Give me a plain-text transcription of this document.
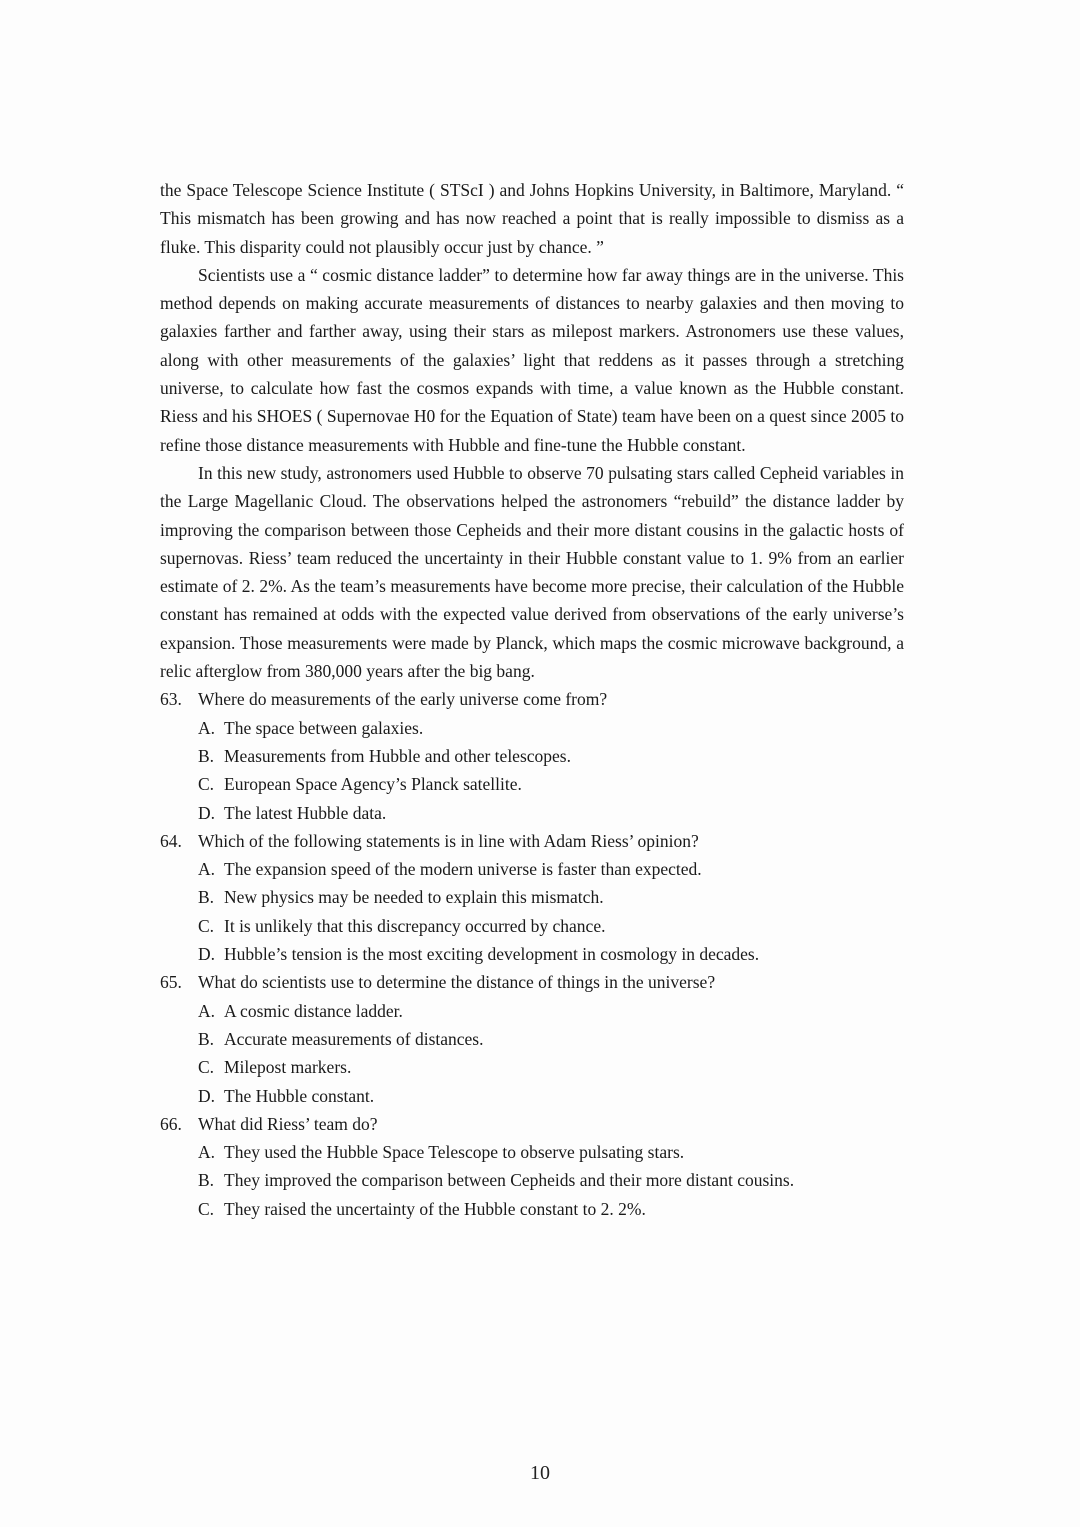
the Space Telescope Science Institute ( STScI ) and Johns Hopkins University, in Baltimore, Maryland. “ This mismatch has been growing and has now reached a point that is really impossible to dismiss as a fluke. This disparity could not plausibly occur just by chance. ”

Scientists use a “ cosmic distance ladder” to determine how far away things are in the universe. This method depends on making accurate measurements of distances to nearby galaxies and then moving to galaxies farther and farther away, using their stars as milepost markers. Astronomers use these values, along with other measurements of the galaxies’ light that reddens as it passes through a stretching universe, to calculate how fast the cosmos expands with time, a value known as the Hubble constant. Riess and his SHOES ( Supernovae H0 for the Equation of State) team have been on a quest since 2005 to refine those distance measurements with Hubble and fine-tune the Hubble constant.

In this new study, astronomers used Hubble to observe 70 pulsating stars called Cepheid variables in the Large Magellanic Cloud. The observations helped the astronomers “rebuild” the distance ladder by improving the comparison between those Cepheids and their more distant cousins in the galactic hosts of supernovas. Riess’ team reduced the uncertainty in their Hubble constant value to 1. 9% from an earlier estimate of 2. 2%. As the team’s measurements have become more precise, their calculation of the Hubble constant has remained at odds with the expected value derived from observations of the early universe’s expansion. Those measurements were made by Planck, which maps the cosmic microwave background, a relic afterglow from 380,000 years after the big bang.

63. Where do measurements of the early universe come from?
A. The space between galaxies.
B. Measurements from Hubble and other telescopes.
C. European Space Agency’s Planck satellite.
D. The latest Hubble data.
64. Which of the following statements is in line with Adam Riess’ opinion?
A. The expansion speed of the modern universe is faster than expected.
B. New physics may be needed to explain this mismatch.
C. It is unlikely that this discrepancy occurred by chance.
D. Hubble’s tension is the most exciting development in cosmology in decades.
65. What do scientists use to determine the distance of things in the universe?
A. A cosmic distance ladder.
B. Accurate measurements of distances.
C. Milepost markers.
D. The Hubble constant.
66. What did Riess’ team do?
A. They used the Hubble Space Telescope to observe pulsating stars.
B. They improved the comparison between Cepheids and their more distant cousins.
C. They raised the uncertainty of the Hubble constant to 2. 2%.
10
